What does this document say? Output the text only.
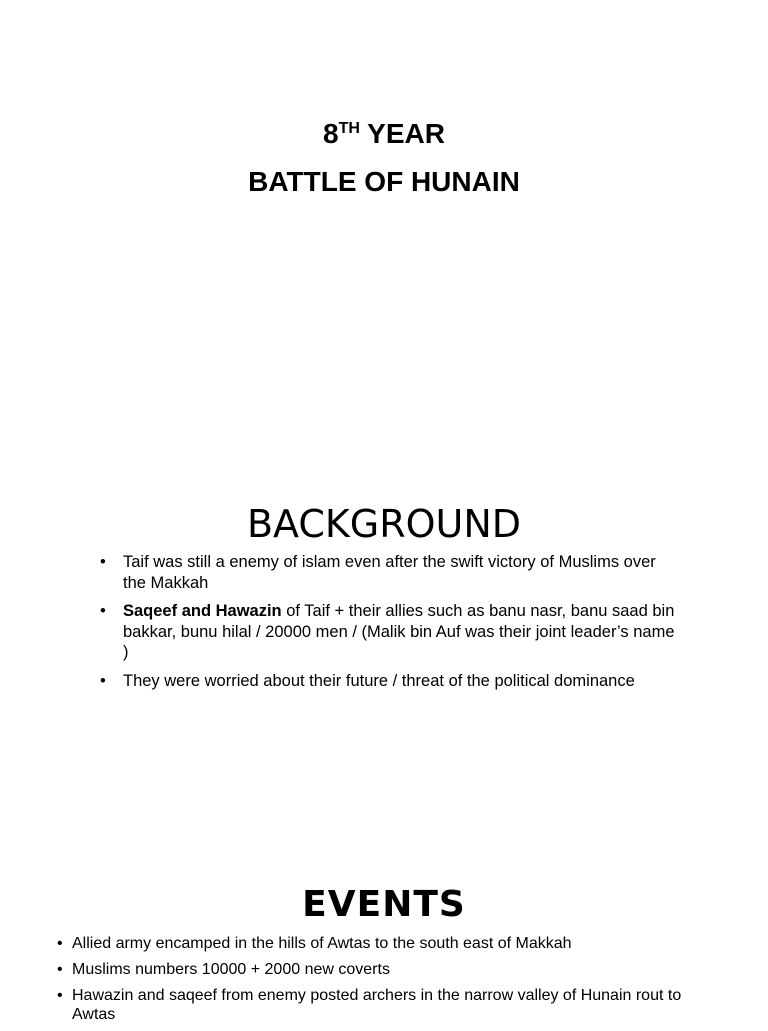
8TH YEAR
BATTLE OF HUNAIN
BACKGROUND
• Taif was still a enemy of islam even after the swift victory of Muslims over the Makkah
• Saqeef and Hawazin of Taif + their allies such as banu nasr, banu saad bin bakkar, bunu hilal / 20000 men / (Malik bin Auf was their joint leader’s name )
• They were worried about their future / threat of the political dominance
EVENTS
• Allied army encamped in the hills of Awtas to the south east of Makkah
• Muslims numbers 10000 + 2000 new coverts
• Hawazin and saqeef from enemy posted archers in the narrow valley of Hunain rout to Awtas
